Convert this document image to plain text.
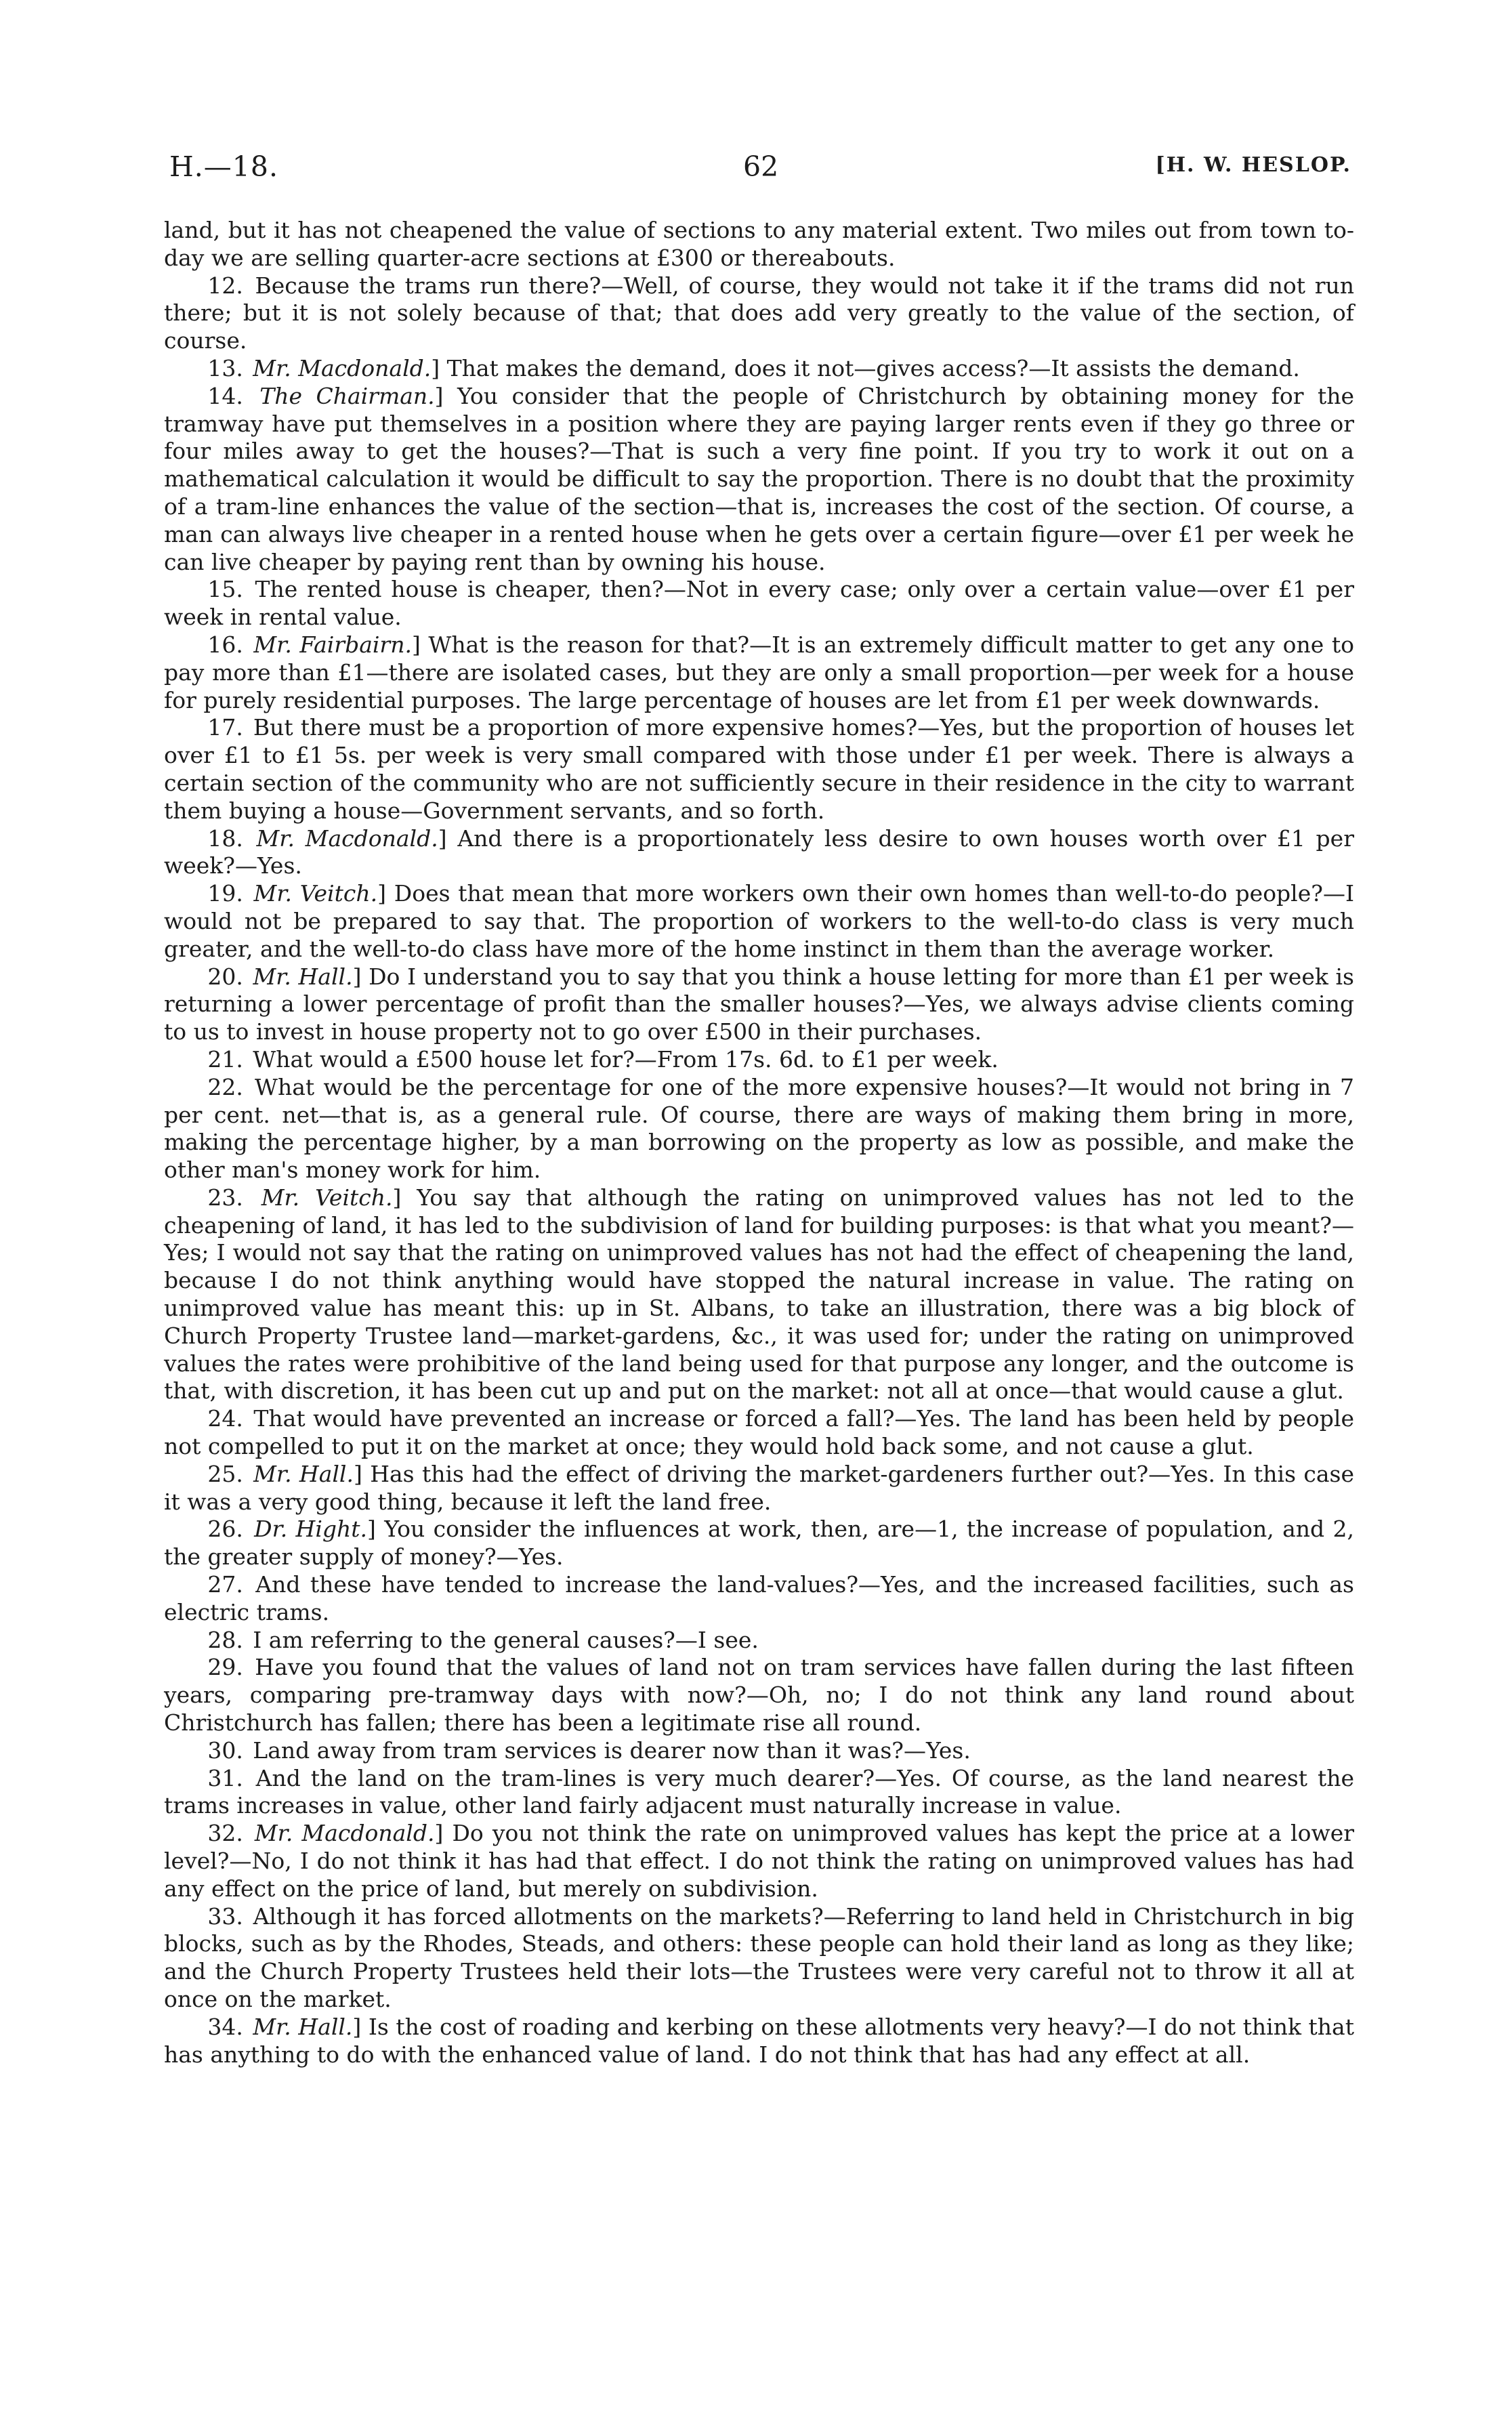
H.—18.	62	[H. W. HESLOP.

land, but it has not cheapened the value of sections to any material extent. Two miles out from town to-day we are selling quarter-acre sections at £300 or thereabouts.

12. Because the trams run there?—Well, of course, they would not take it if the trams did not run there; but it is not solely because of that; that does add very greatly to the value of the section, of course.

13. Mr. Macdonald.] That makes the demand, does it not—gives access?—It assists the demand.

14. The Chairman.] You consider that the people of Christchurch by obtaining money for the tramway have put themselves in a position where they are paying larger rents even if they go three or four miles away to get the houses?—That is such a very fine point. If you try to work it out on a mathematical calculation it would be difficult to say the proportion. There is no doubt that the proximity of a tram-line enhances the value of the section—that is, increases the cost of the section. Of course, a man can always live cheaper in a rented house when he gets over a certain figure—over £1 per week he can live cheaper by paying rent than by owning his house.

15. The rented house is cheaper, then?—Not in every case; only over a certain value—over £1 per week in rental value.

16. Mr. Fairbairn.] What is the reason for that?—It is an extremely difficult matter to get any one to pay more than £1—there are isolated cases, but they are only a small proportion—per week for a house for purely residential purposes. The large percentage of houses are let from £1 per week downwards.

17. But there must be a proportion of more expensive homes?—Yes, but the proportion of houses let over £1 to £1 5s. per week is very small compared with those under £1 per week. There is always a certain section of the community who are not sufficiently secure in their residence in the city to warrant them buying a house—Government servants, and so forth.

18. Mr. Macdonald.] And there is a proportionately less desire to own houses worth over £1 per week?—Yes.

19. Mr. Veitch.] Does that mean that more workers own their own homes than well-to-do people?—I would not be prepared to say that. The proportion of workers to the well-to-do class is very much greater, and the well-to-do class have more of the home instinct in them than the average worker.

20. Mr. Hall.] Do I understand you to say that you think a house letting for more than £1 per week is returning a lower percentage of profit than the smaller houses?—Yes, we always advise clients coming to us to invest in house property not to go over £500 in their purchases.

21. What would a £500 house let for?—From 17s. 6d. to £1 per week.

22. What would be the percentage for one of the more expensive houses?—It would not bring in 7 per cent. net—that is, as a general rule. Of course, there are ways of making them bring in more, making the percentage higher, by a man borrowing on the property as low as possible, and make the other man's money work for him.

23. Mr. Veitch.] You say that although the rating on unimproved values has not led to the cheapening of land, it has led to the subdivision of land for building purposes: is that what you meant?—Yes; I would not say that the rating on unimproved values has not had the effect of cheapening the land, because I do not think anything would have stopped the natural increase in value. The rating on unimproved value has meant this: up in St. Albans, to take an illustration, there was a big block of Church Property Trustee land—market-gardens, &c., it was used for; under the rating on unimproved values the rates were prohibitive of the land being used for that purpose any longer, and the outcome is that, with discretion, it has been cut up and put on the market: not all at once—that would cause a glut.

24. That would have prevented an increase or forced a fall?—Yes. The land has been held by people not compelled to put it on the market at once; they would hold back some, and not cause a glut.

25. Mr. Hall.] Has this had the effect of driving the market-gardeners further out?—Yes. In this case it was a very good thing, because it left the land free.

26. Dr. Hight.] You consider the influences at work, then, are—1, the increase of population, and 2, the greater supply of money?—Yes.

27. And these have tended to increase the land-values?—Yes, and the increased facilities, such as electric trams.

28. I am referring to the general causes?—I see.

29. Have you found that the values of land not on tram services have fallen during the last fifteen years, comparing pre-tramway days with now?—Oh, no; I do not think any land round about Christchurch has fallen; there has been a legitimate rise all round.

30. Land away from tram services is dearer now than it was?—Yes.

31. And the land on the tram-lines is very much dearer?—Yes. Of course, as the land nearest the trams increases in value, other land fairly adjacent must naturally increase in value.

32. Mr. Macdonald.] Do you not think the rate on unimproved values has kept the price at a lower level?—No, I do not think it has had that effect. I do not think the rating on unimproved values has had any effect on the price of land, but merely on subdivision.

33. Although it has forced allotments on the markets?—Referring to land held in Christchurch in big blocks, such as by the Rhodes, Steads, and others: these people can hold their land as long as they like; and the Church Property Trustees held their lots—the Trustees were very careful not to throw it all at once on the market.

34. Mr. Hall.] Is the cost of roading and kerbing on these allotments very heavy?—I do not think that has anything to do with the enhanced value of land. I do not think that has had any effect at all.
